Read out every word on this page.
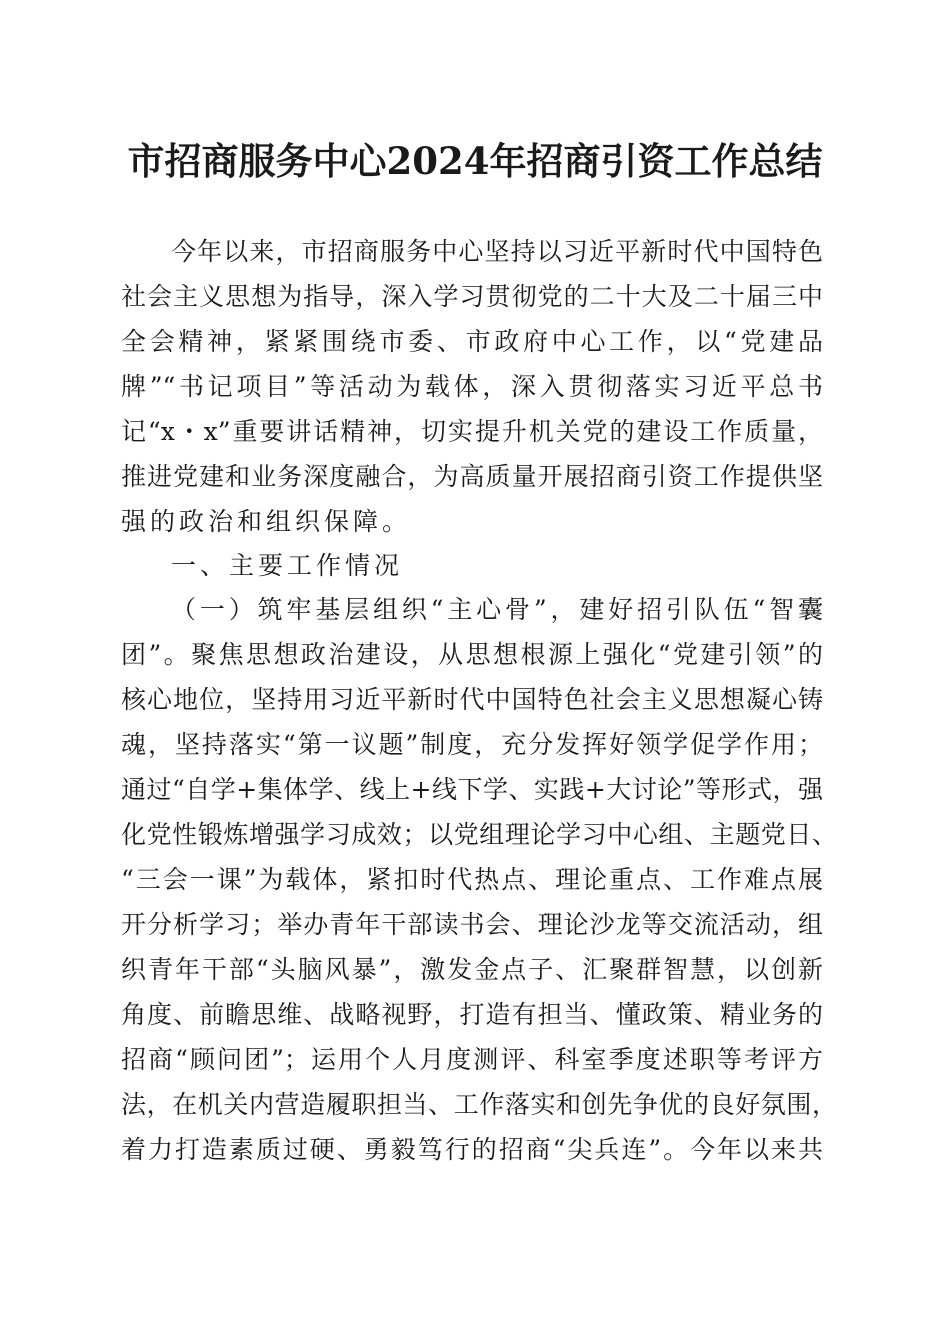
市招商服务中心2024年招商引资工作总结
今年以来，市招商服务中心坚持以习近平新时代中国特色
社会主义思想为指导，深入学习贯彻党的二十大及二十届三中
全会精神，紧紧围绕市委、市政府中心工作，以“党建品
牌”“书记项目”等活动为载体，深入贯彻落实习近平总书
记“x・x”重要讲话精神，切实提升机关党的建设工作质量，
推进党建和业务深度融合，为高质量开展招商引资工作提供坚
强的政治和组织保障。
一、主要工作情况
（一）筑牢基层组织“主心骨”，建好招引队伍“智囊
团”。聚焦思想政治建设，从思想根源上强化“党建引领”的
核心地位，坚持用习近平新时代中国特色社会主义思想凝心铸
魂，坚持落实“第一议题”制度，充分发挥好领学促学作用；
通过“自学+集体学、线上+线下学、实践+大讨论”等形式，强
化党性锻炼增强学习成效；以党组理论学习中心组、主题党日、
“三会一课”为载体，紧扣时代热点、理论重点、工作难点展
开分析学习；举办青年干部读书会、理论沙龙等交流活动，组
织青年干部“头脑风暴”，激发金点子、汇聚群智慧，以创新
角度、前瞻思维、战略视野，打造有担当、懂政策、精业务的
招商“顾问团”；运用个人月度测评、科室季度述职等考评方
法，在机关内营造履职担当、工作落实和创先争优的良好氛围，
着力打造素质过硬、勇毅笃行的招商“尖兵连”。今年以来共
